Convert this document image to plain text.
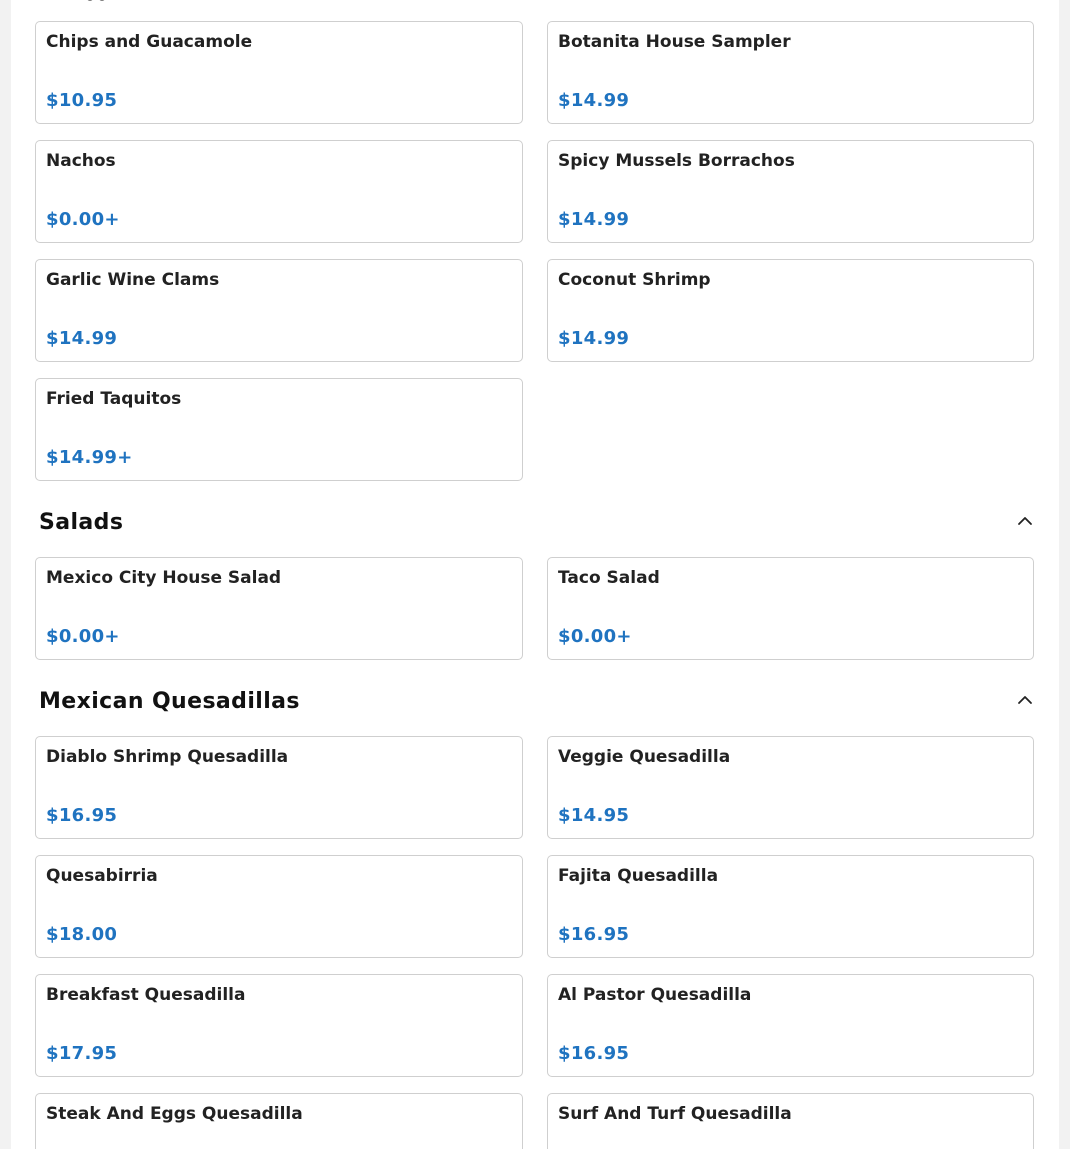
Chips and Guacamole
$10.95
Botanita House Sampler
$14.99
Nachos
$0.00+
Spicy Mussels Borrachos
$14.99
Garlic Wine Clams
$14.99
Coconut Shrimp
$14.99
Fried Taquitos
$14.99+
Salads
Mexico City House Salad
$0.00+
Taco Salad
$0.00+
Mexican Quesadillas
Diablo Shrimp Quesadilla
$16.95
Veggie Quesadilla
$14.95
Quesabirria
$18.00
Fajita Quesadilla
$16.95
Breakfast Quesadilla
$17.95
Al Pastor Quesadilla
$16.95
Steak And Eggs Quesadilla	Surf And Turf Quesadilla
